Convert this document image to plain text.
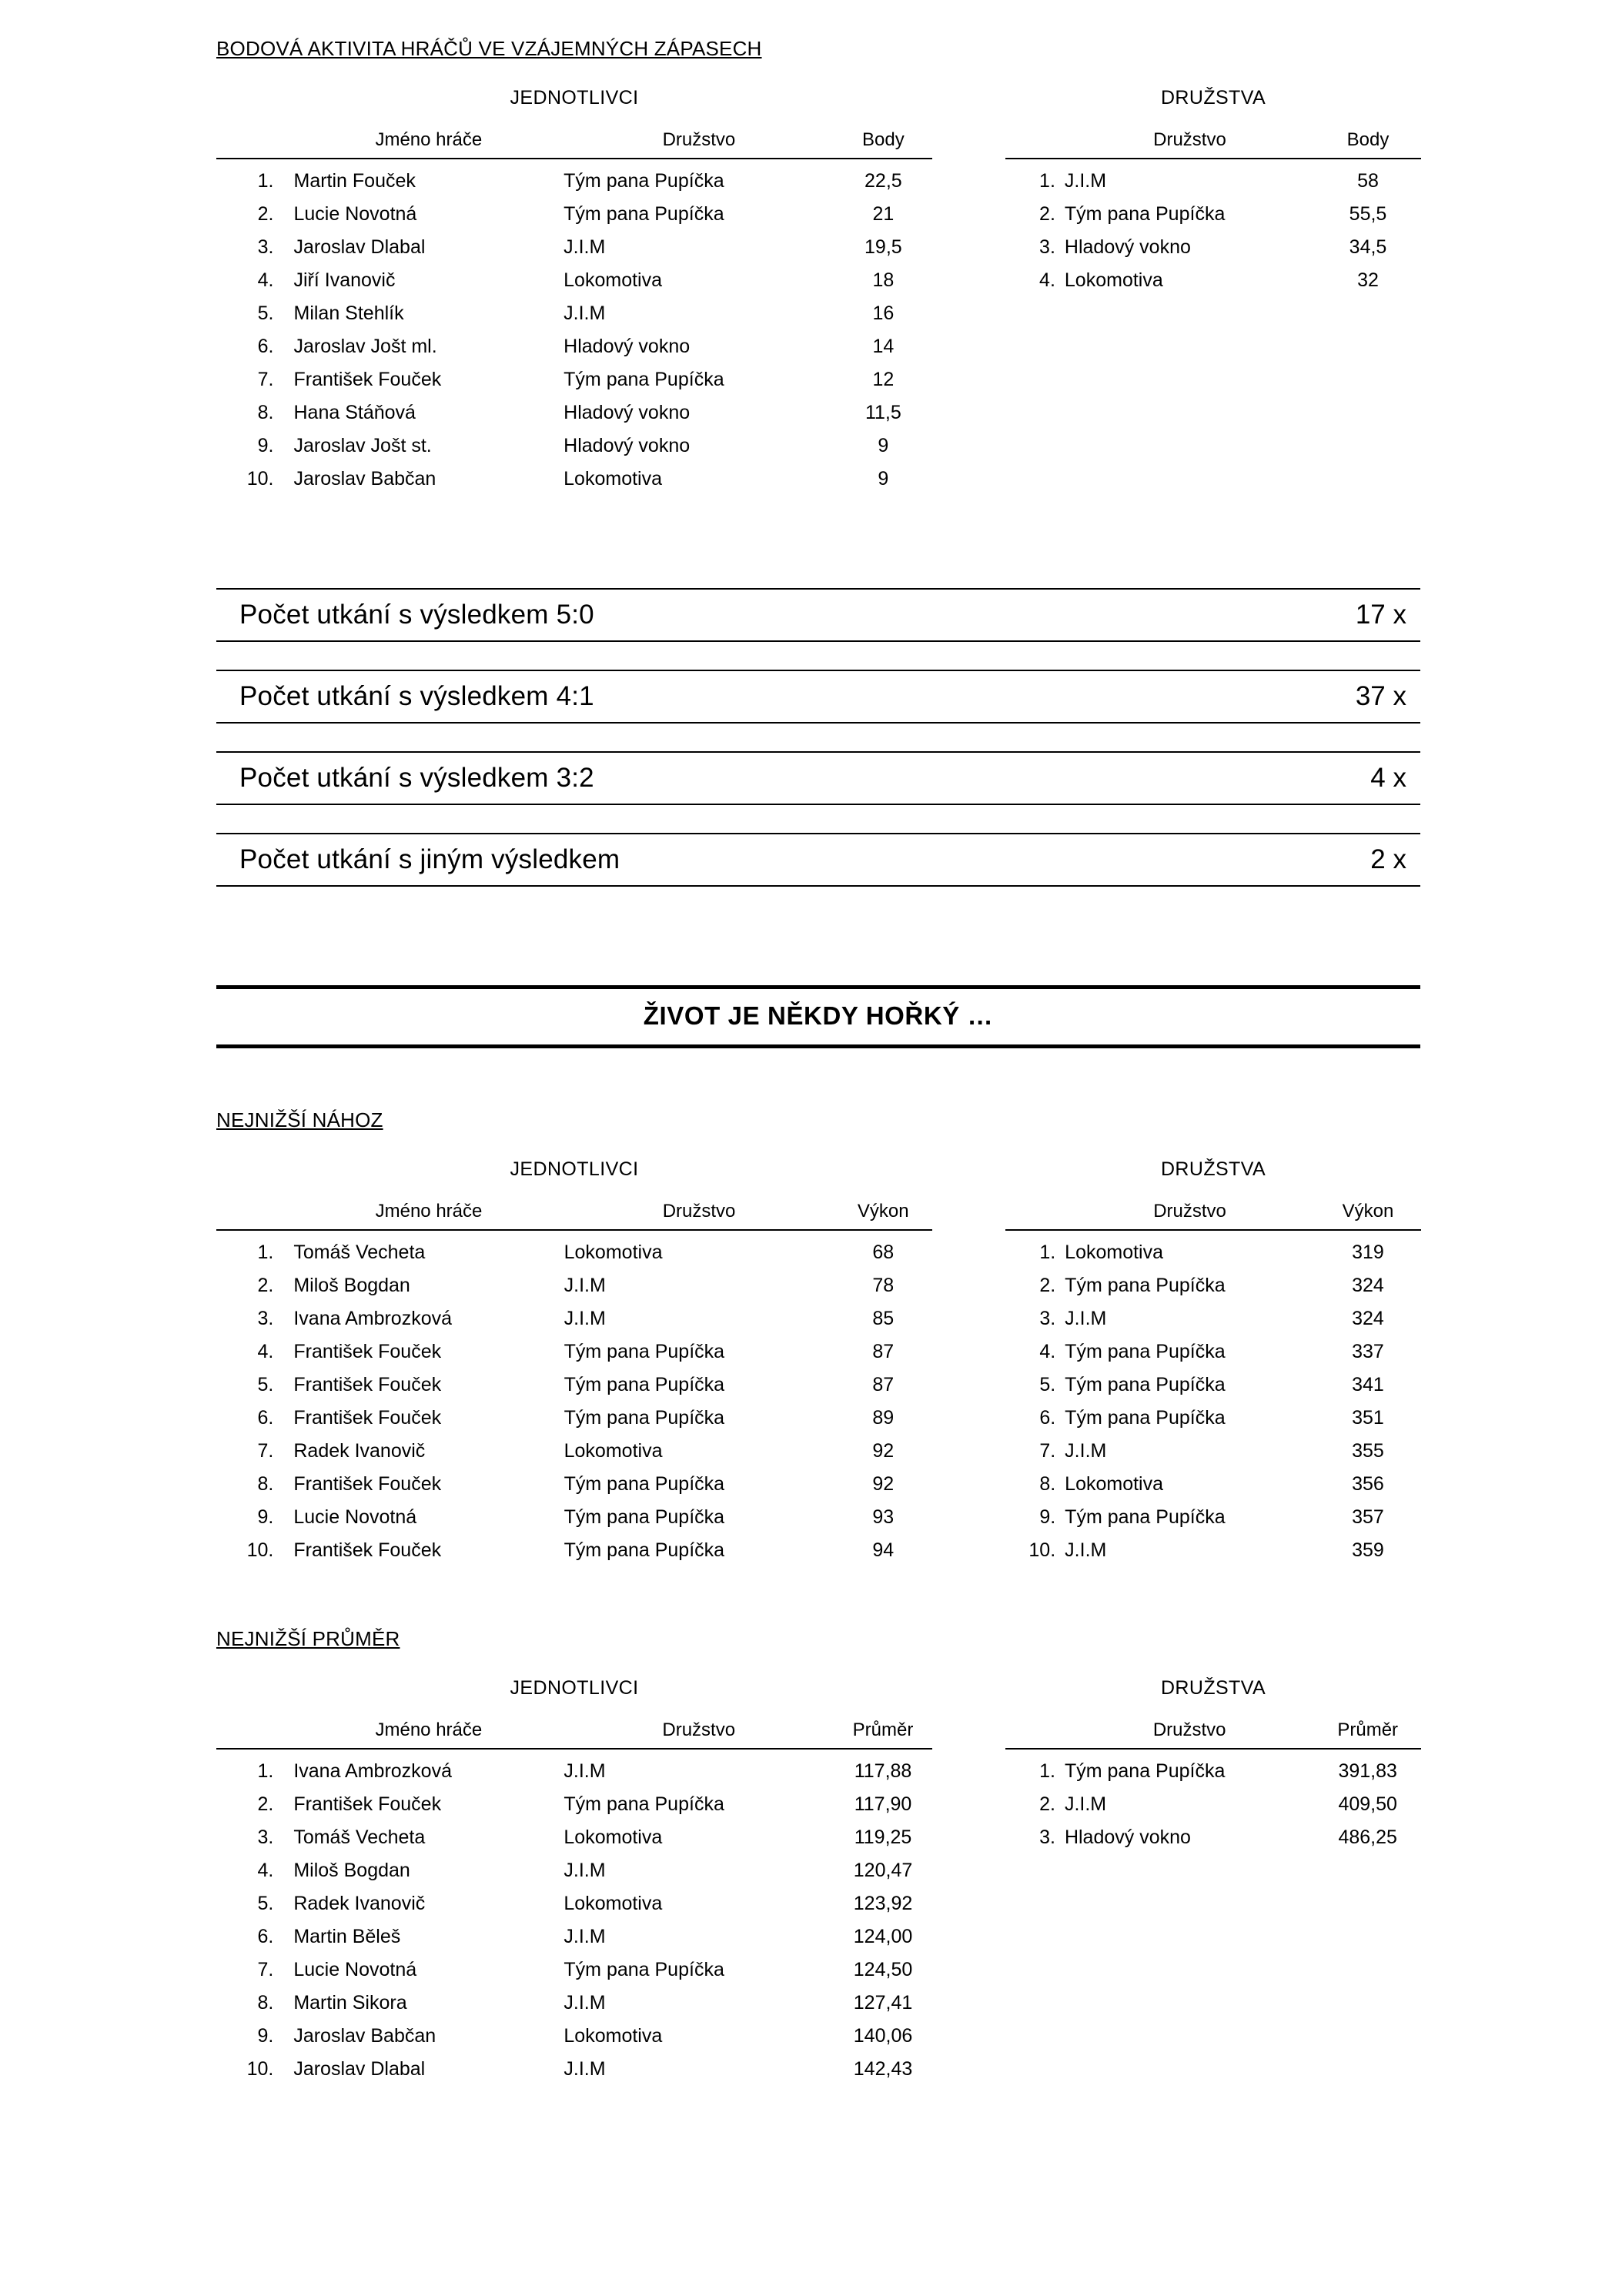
BODOVÁ AKTIVITA HRÁČŮ VE VZÁJEMNÝCH ZÁPASECH
JEDNOTLIVCI
	Jméno hráče	Družstvo	Body
1.	Martin Fouček	Tým pana Pupíčka	22,5
2.	Lucie Novotná	Tým pana Pupíčka	21
3.	Jaroslav Dlabal	J.I.M	19,5
4.	Jiří Ivanovič	Lokomotiva	18
5.	Milan Stehlík	J.I.M	16
6.	Jaroslav Jošt ml.	Hladový vokno	14
7.	František Fouček	Tým pana Pupíčka	12
8.	Hana Stáňová	Hladový vokno	11,5
9.	Jaroslav Jošt st.	Hladový vokno	9
10.	Jaroslav Babčan	Lokomotiva	9
DRUŽSTVA
	Družstvo	Body
1.	J.I.M	58
2.	Tým pana Pupíčka	55,5
3.	Hladový vokno	34,5
4.	Lokomotiva	32
Počet utkání s výsledkem 5:0	17 x
Počet utkání s výsledkem 4:1	37 x
Počet utkání s výsledkem 3:2	4 x
Počet utkání s jiným výsledkem	2 x
ŽIVOT JE NĚKDY HOŘKÝ …
NEJNIŽŠÍ NÁHOZ
JEDNOTLIVCI
	Jméno hráče	Družstvo	Výkon
1.	Tomáš Vecheta	Lokomotiva	68
2.	Miloš Bogdan	J.I.M	78
3.	Ivana Ambrozková	J.I.M	85
4.	František Fouček	Tým pana Pupíčka	87
5.	František Fouček	Tým pana Pupíčka	87
6.	František Fouček	Tým pana Pupíčka	89
7.	Radek Ivanovič	Lokomotiva	92
8.	František Fouček	Tým pana Pupíčka	92
9.	Lucie Novotná	Tým pana Pupíčka	93
10.	František Fouček	Tým pana Pupíčka	94
DRUŽSTVA
	Družstvo	Výkon
1.	Lokomotiva	319
2.	Tým pana Pupíčka	324
3.	J.I.M	324
4.	Tým pana Pupíčka	337
5.	Tým pana Pupíčka	341
6.	Tým pana Pupíčka	351
7.	J.I.M	355
8.	Lokomotiva	356
9.	Tým pana Pupíčka	357
10.	J.I.M	359
NEJNIŽŠÍ PRŮMĚR
JEDNOTLIVCI
	Jméno hráče	Družstvo	Průměr
1.	Ivana Ambrozková	J.I.M	117,88
2.	František Fouček	Tým pana Pupíčka	117,90
3.	Tomáš Vecheta	Lokomotiva	119,25
4.	Miloš Bogdan	J.I.M	120,47
5.	Radek Ivanovič	Lokomotiva	123,92
6.	Martin Běleš	J.I.M	124,00
7.	Lucie Novotná	Tým pana Pupíčka	124,50
8.	Martin Sikora	J.I.M	127,41
9.	Jaroslav Babčan	Lokomotiva	140,06
10.	Jaroslav Dlabal	J.I.M	142,43
DRUŽSTVA
	Družstvo	Průměr
1.	Tým pana Pupíčka	391,83
2.	J.I.M	409,50
3.	Hladový vokno	486,25
